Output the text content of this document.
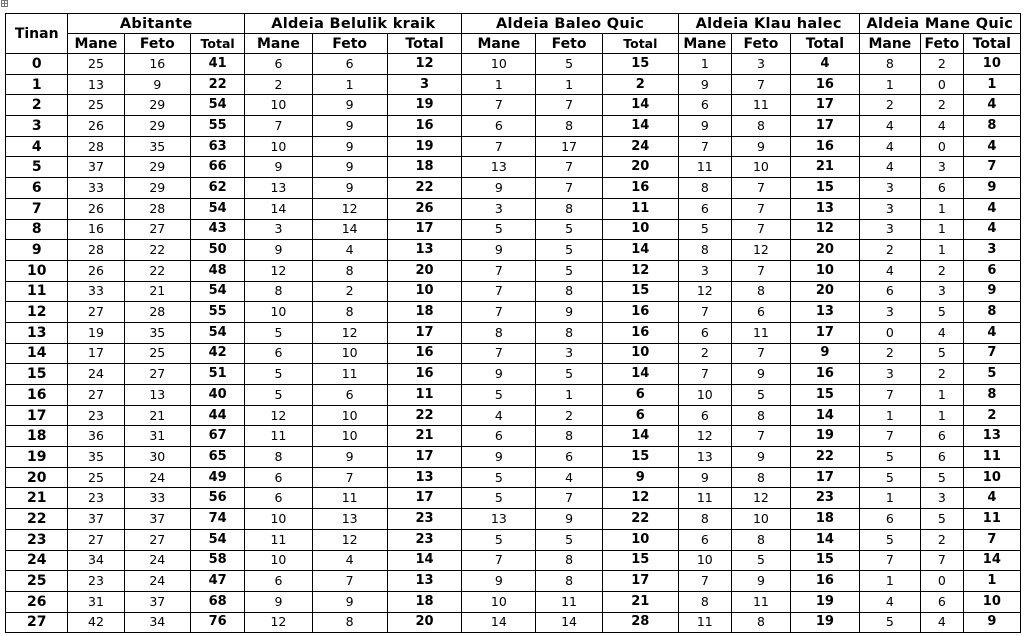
Tinan	Abitante			Aldeia Belulik kraik			Aldeia Baleo Quic			Aldeia Klau halec			Aldeia Mane Quic		
	Mane	Feto	Total	Mane	Feto	Total	Mane	Feto	Total	Mane	Feto	Total	Mane	Feto	Total
0	25	16	41	6	6	12	10	5	15	1	3	4	8	2	10
1	13	9	22	2	1	3	1	1	2	9	7	16	1	0	1
2	25	29	54	10	9	19	7	7	14	6	11	17	2	2	4
3	26	29	55	7	9	16	6	8	14	9	8	17	4	4	8
4	28	35	63	10	9	19	7	17	24	7	9	16	4	0	4
5	37	29	66	9	9	18	13	7	20	11	10	21	4	3	7
6	33	29	62	13	9	22	9	7	16	8	7	15	3	6	9
7	26	28	54	14	12	26	3	8	11	6	7	13	3	1	4
8	16	27	43	3	14	17	5	5	10	5	7	12	3	1	4
9	28	22	50	9	4	13	9	5	14	8	12	20	2	1	3
10	26	22	48	12	8	20	7	5	12	3	7	10	4	2	6
11	33	21	54	8	2	10	7	8	15	12	8	20	6	3	9
12	27	28	55	10	8	18	7	9	16	7	6	13	3	5	8
13	19	35	54	5	12	17	8	8	16	6	11	17	0	4	4
14	17	25	42	6	10	16	7	3	10	2	7	9	2	5	7
15	24	27	51	5	11	16	9	5	14	7	9	16	3	2	5
16	27	13	40	5	6	11	5	1	6	10	5	15	7	1	8
17	23	21	44	12	10	22	4	2	6	6	8	14	1	1	2
18	36	31	67	11	10	21	6	8	14	12	7	19	7	6	13
19	35	30	65	8	9	17	9	6	15	13	9	22	5	6	11
20	25	24	49	6	7	13	5	4	9	9	8	17	5	5	10
21	23	33	56	6	11	17	5	7	12	11	12	23	1	3	4
22	37	37	74	10	13	23	13	9	22	8	10	18	6	5	11
23	27	27	54	11	12	23	5	5	10	6	8	14	5	2	7
24	34	24	58	10	4	14	7	8	15	10	5	15	7	7	14
25	23	24	47	6	7	13	9	8	17	7	9	16	1	0	1
26	31	37	68	9	9	18	10	11	21	8	11	19	4	6	10
27	42	34	76	12	8	20	14	14	28	11	8	19	5	4	9
